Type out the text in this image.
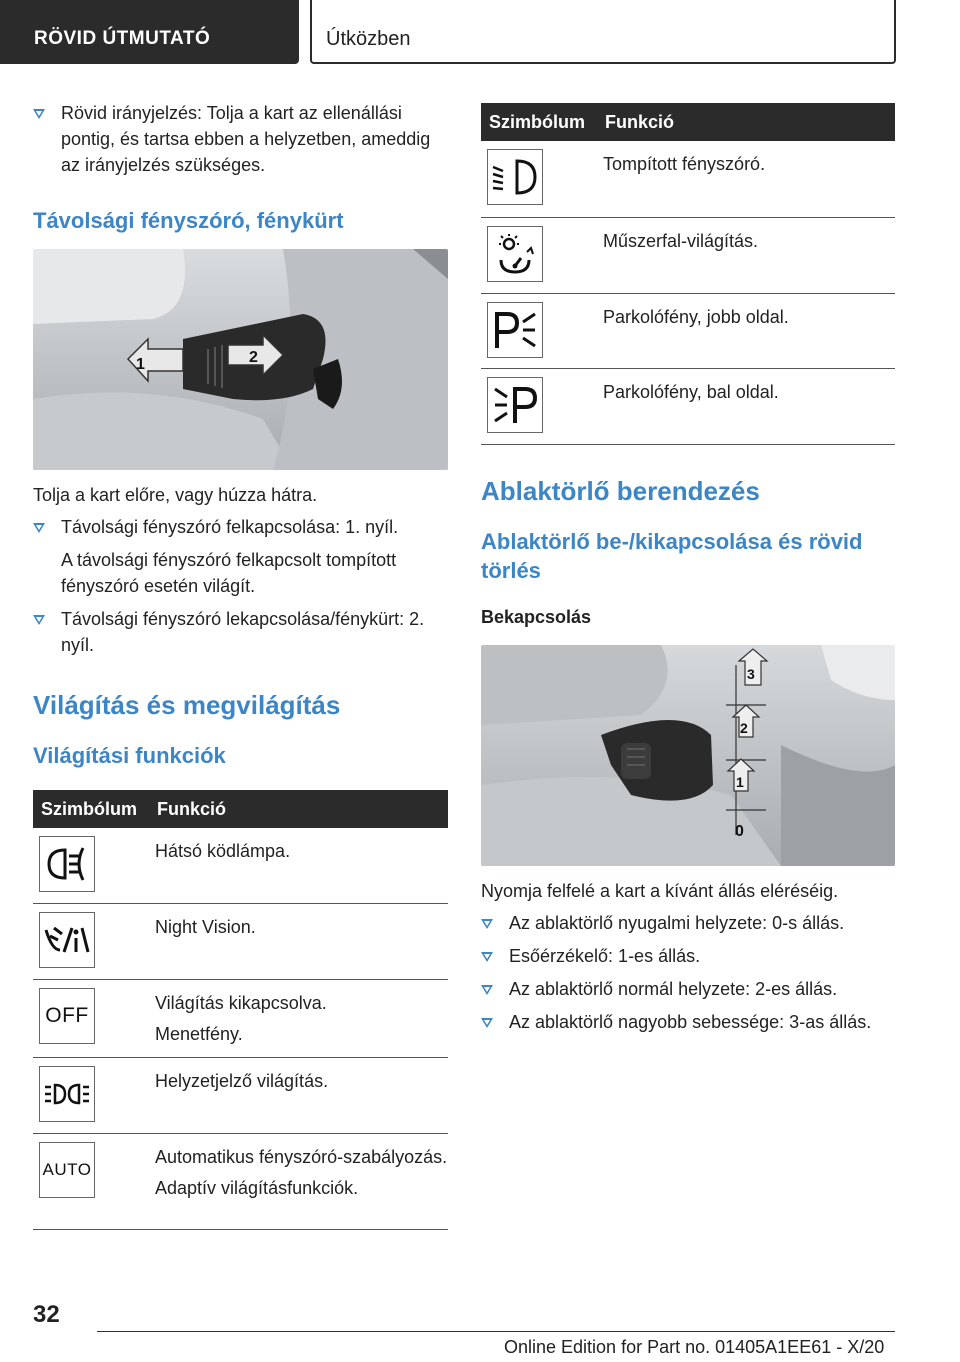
RÖVID ÚTMUTATÓ	Útközben
Rövid irányjelzés: Tolja a kart az ellenállási pontig, és tartsa ebben a helyzetben, ameddig az irányjelzés szükséges.
Távolsági fényszóró, fénykürt
1	2

Tolja a kart előre, vagy húzza hátra.

Távolsági fényszóró felkapcsolása: 1. nyíl.
A távolsági fényszóró felkapcsolt tompított fényszóró esetén világít.
Távolsági fényszóró lekapcsolása/fénykürt: 2. nyíl.
Világítás és megvilágítás
Világítási funkciók
Szimbólum	Funkció

	Hátsó ködlámpa.

	Night Vision.

OFF	Világítás kikapcsolva.
Menetfény.

	Helyzetjelző világítás.

AUTO	Automatikus fényszóró-szabályozás.
Adaptív világításfunkciók.
Szimbólum	Funkció

	Tompított fényszóró.

	Műszerfal-világítás.

	Parkolófény, jobb oldal.

	Parkolófény, bal oldal.
Ablaktörlő berendezés
Ablaktörlő be-/kikapcsolása és rövid törlés
Bekapcsolás
3
2
1
0

Nyomja felfelé a kart a kívánt állás eléréséig.

Az ablaktörlő nyugalmi helyzete: 0-s állás.
Esőérzékelő: 1-es állás.
Az ablaktörlő normál helyzete: 2-es állás.
Az ablaktörlő nagyobb sebessége: 3-as állás.
32
Online Edition for Part no. 01405A1EE61 - X/20
